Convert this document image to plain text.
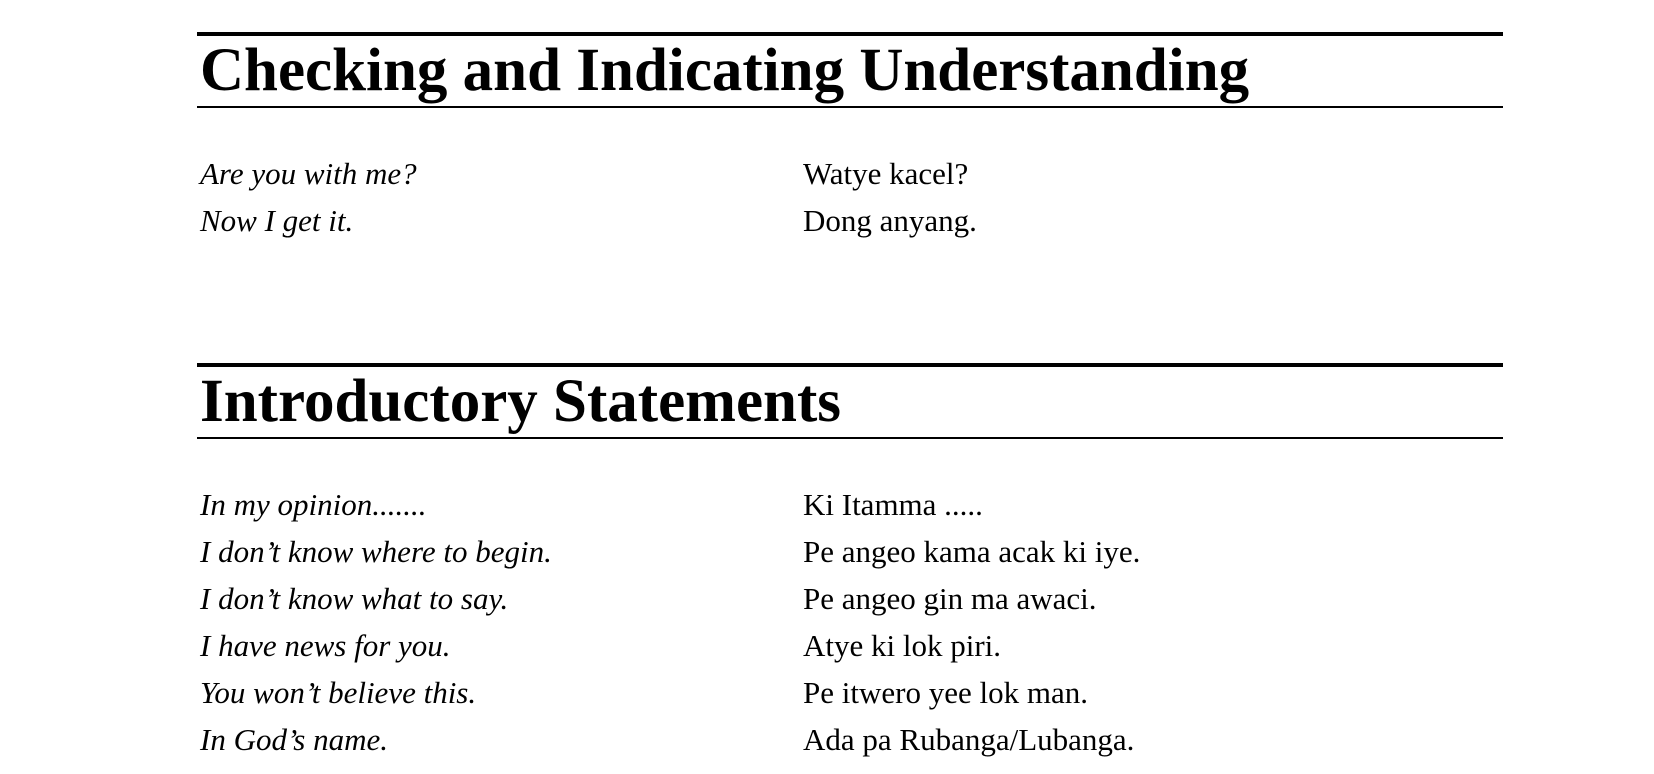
Checking and Indicating Understanding
Are you with me?	Watye kacel?
Now I get it.	Dong anyang.
Introductory Statements
In my opinion.......	Ki Itamma .....
I don’t know where to begin.	Pe angeo kama acak ki iye.
I don’t know what to say.	Pe angeo gin ma awaci.
I have news for you.	Atye ki lok piri.
You won’t believe this.	Pe itwero yee lok man.
In God’s name.	Ada pa Rubanga/Lubanga.
